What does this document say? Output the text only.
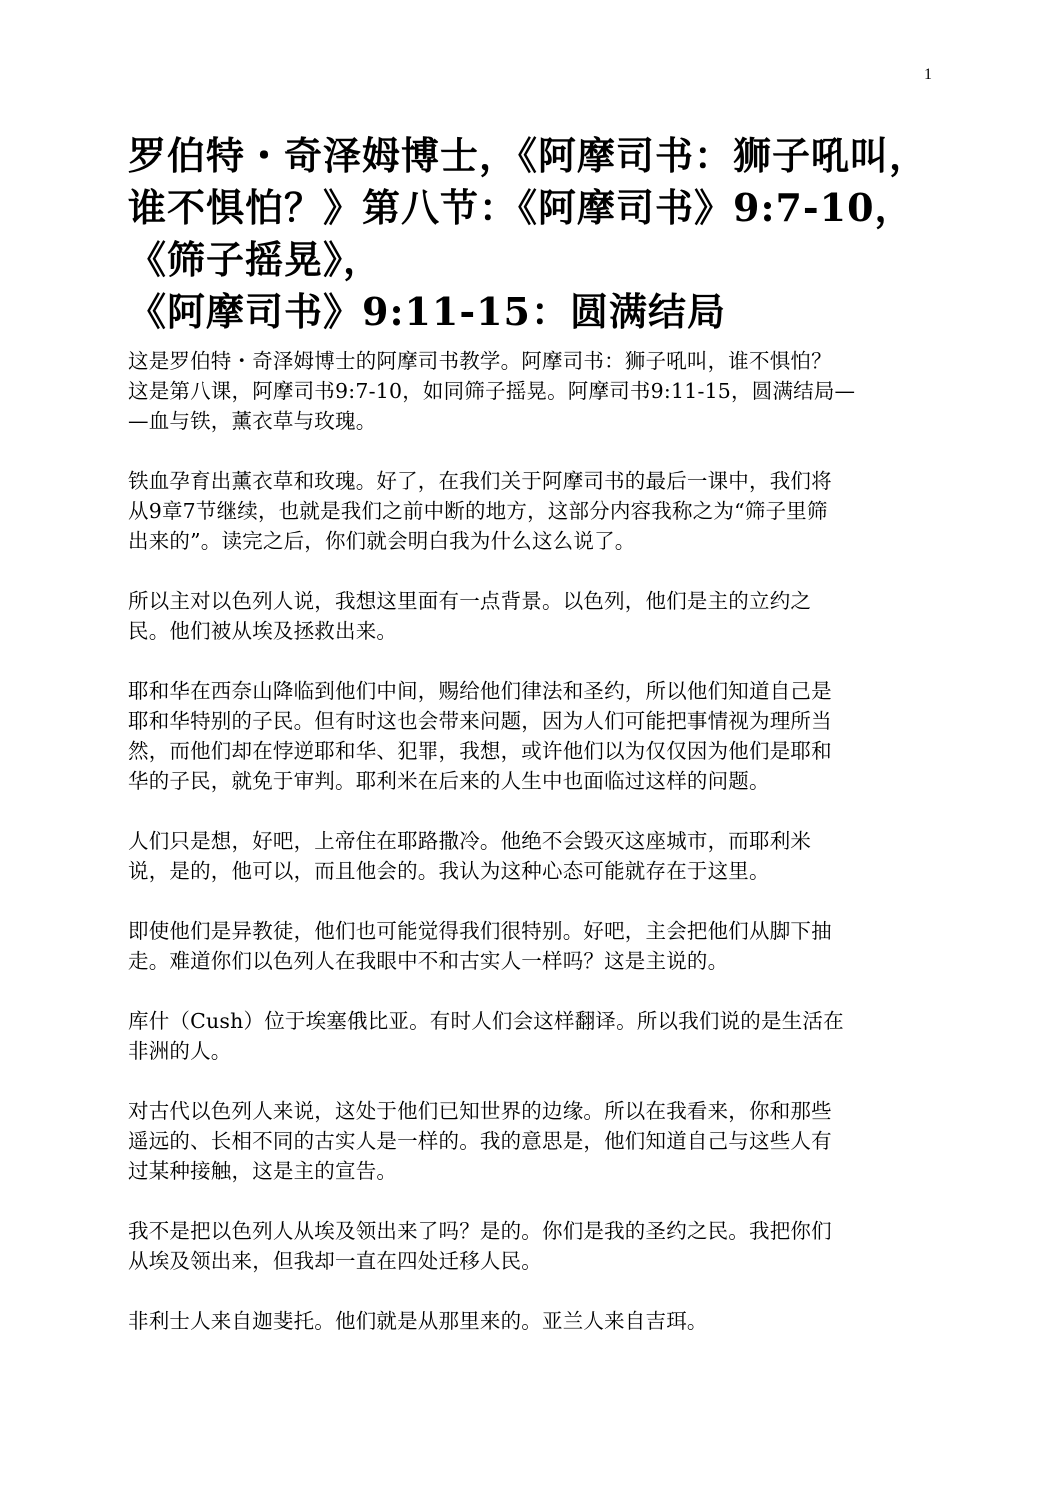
1
罗伯特・奇泽姆博士，《阿摩司书：狮子吼叫，
谁不惧怕？》第八节：《阿摩司书》9:7-10，
《筛子摇晃》，
《阿摩司书》9:11-15：圆满结局
这是罗伯特・奇泽姆博士的阿摩司书教学。阿摩司书：狮子吼叫，谁不惧怕？
这是第八课，阿摩司书9:7-10，如同筛子摇晃。阿摩司书9:11-15，圆满结局—
—血与铁，薰衣草与玫瑰。
铁血孕育出薰衣草和玫瑰。好了，在我们关于阿摩司书的最后一课中，我们将
从9章7节继续，也就是我们之前中断的地方，这部分内容我称之为“筛子里筛
出来的”。读完之后，你们就会明白我为什么这么说了。
所以主对以色列人说，我想这里面有一点背景。以色列，他们是主的立约之
民。他们被从埃及拯救出来。
耶和华在西奈山降临到他们中间，赐给他们律法和圣约，所以他们知道自己是
耶和华特别的子民。但有时这也会带来问题，因为人们可能把事情视为理所当
然，而他们却在悖逆耶和华、犯罪，我想，或许他们以为仅仅因为他们是耶和
华的子民，就免于审判。耶利米在后来的人生中也面临过这样的问题。
人们只是想，好吧，上帝住在耶路撒冷。他绝不会毁灭这座城市，而耶利米
说，是的，他可以，而且他会的。我认为这种心态可能就存在于这里。
即使他们是异教徒，他们也可能觉得我们很特别。好吧，主会把他们从脚下抽
走。难道你们以色列人在我眼中不和古实人一样吗？这是主说的。
库什（Cush）位于埃塞俄比亚。有时人们会这样翻译。所以我们说的是生活在
非洲的人。
对古代以色列人来说，这处于他们已知世界的边缘。所以在我看来，你和那些
遥远的、长相不同的古实人是一样的。我的意思是，他们知道自己与这些人有
过某种接触，这是主的宣告。
我不是把以色列人从埃及领出来了吗？是的。你们是我的圣约之民。我把你们
从埃及领出来，但我却一直在四处迁移人民。
非利士人来自迦斐托。他们就是从那里来的。亚兰人来自吉珥。
